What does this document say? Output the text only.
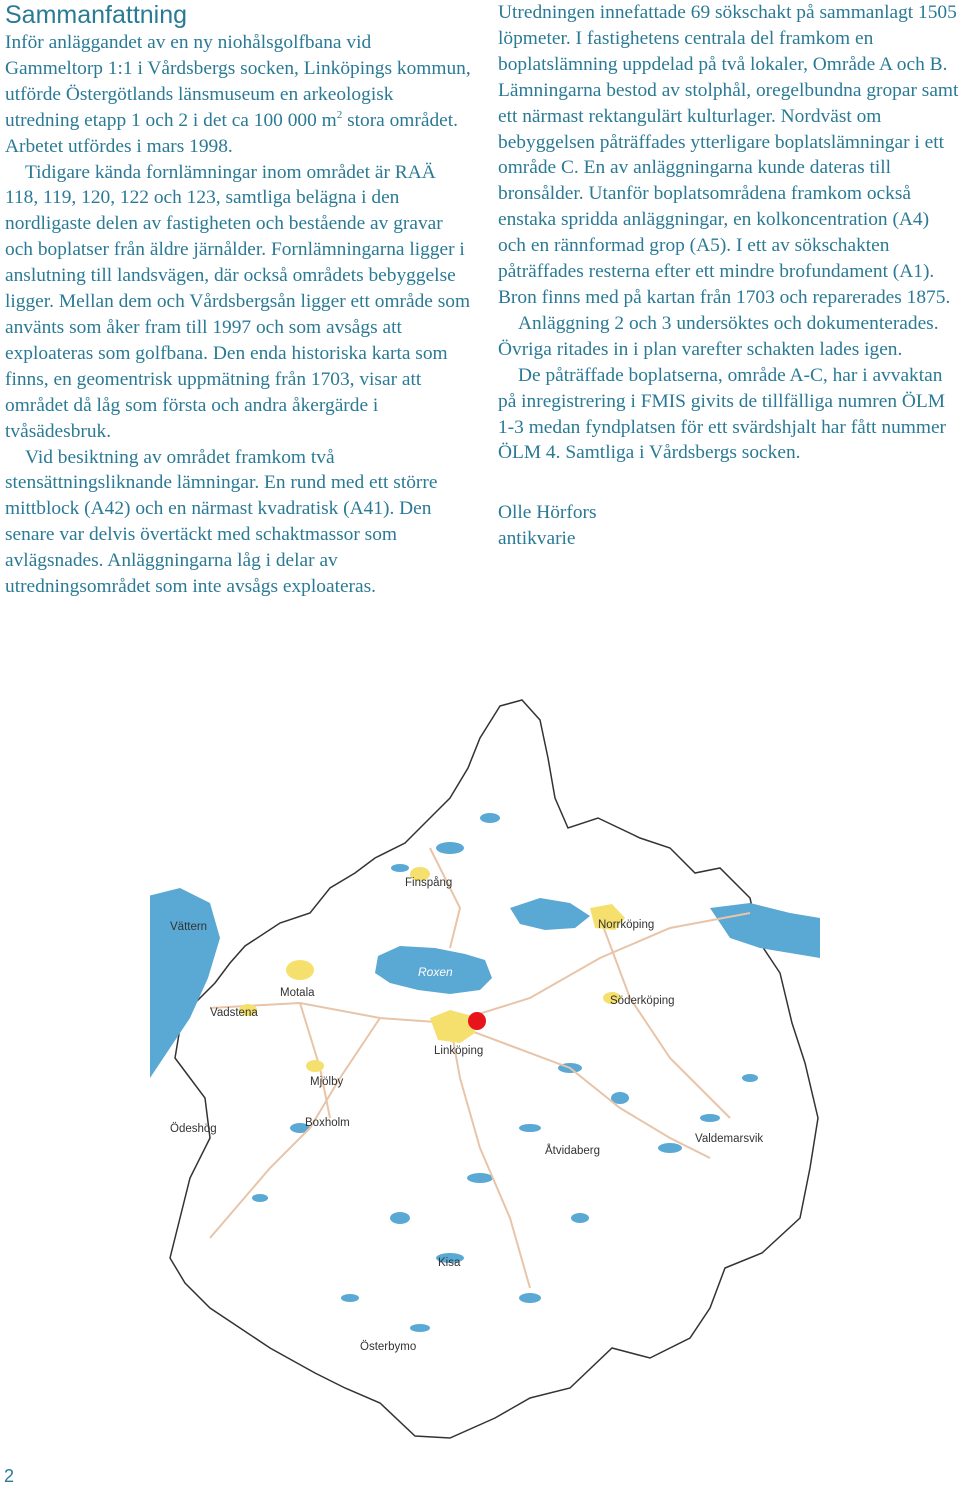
Sammanfattning

Inför anläggandet av en ny niohålsgolfbana vid Gammeltorp 1:1 i Vårdsbergs socken, Linköpings kommun, utförde Östergötlands länsmuseum en arkeologisk utredning etapp 1 och 2 i det ca 100 000 $m^2$ stora området. Arbetet utfördes i mars 1998.

Tidigare kända fornlämningar inom området är RAÄ 118, 119, 120, 122 och 123, samtliga belägna i den nordligaste delen av fastigheten och bestående av gravar och boplatser från äldre järnålder. Fornlämningarna ligger i anslutning till landsvägen, där också områdets bebyggelse ligger. Mellan dem och Vårdsbergsån ligger ett område som använts som åker fram till 1997 och som avsågs att exploateras som golfbana. Den enda historiska karta som finns, en geomentrisk uppmätning från 1703, visar att området då låg som första och andra åkergärde i tvåsädesbruk.

Vid besiktning av området framkom två stensättningsliknande lämningar. En rund med ett större mittblock (A42) och en närmast kvadratisk (A41). Den senare var delvis övertäckt med schaktmassor som avlägsnades. Anläggningarna låg i delar av utredningsområdet som inte avsågs exploateras.

Utredningen innefattade 69 sökschakt på sammanlagt 1505 löpmeter. I fastighetens centrala del framkom en boplatslämning uppdelad på två lokaler, Område A och B. Lämningarna bestod av stolphål, oregelbundna gropar samt ett närmast rektangulärt kulturlager. Nordväst om bebyggelsen påträffades ytterligare boplatslämningar i ett område C. En av anläggningarna kunde dateras till bronsålder. Utanför boplatsområdena framkom också enstaka spridda anläggningar, en kolkoncentration (A4) och en rännformad grop (A5). I ett av sökschakten påträffades resterna efter ett mindre brofundament (A1). Bron finns med på kartan från 1703 och reparerades 1875.

Anläggning 2 och 3 undersöktes och dokumenterades. Övriga ritades in i plan varefter schakten lades igen.

De påträffade boplatserna, område A-C, har i avvaktan på inregistrering i FMIS givits de tillfälliga numren ÖLM 1-3 medan fyndplatsen för ett svärdshjalt har fått nummer ÖLM 4. Samtliga i Vårdsbergs socken.

Olle Hörfors
antikvarie

Finspång
Vättern	Norrköping
Motala
Roxen
Söderköping
Vadstena
Linköping
Mjölby
Ödeshög	Boxholm
Valdemarsvik
Åtvidaberg
Kisa
Österbymo
2
